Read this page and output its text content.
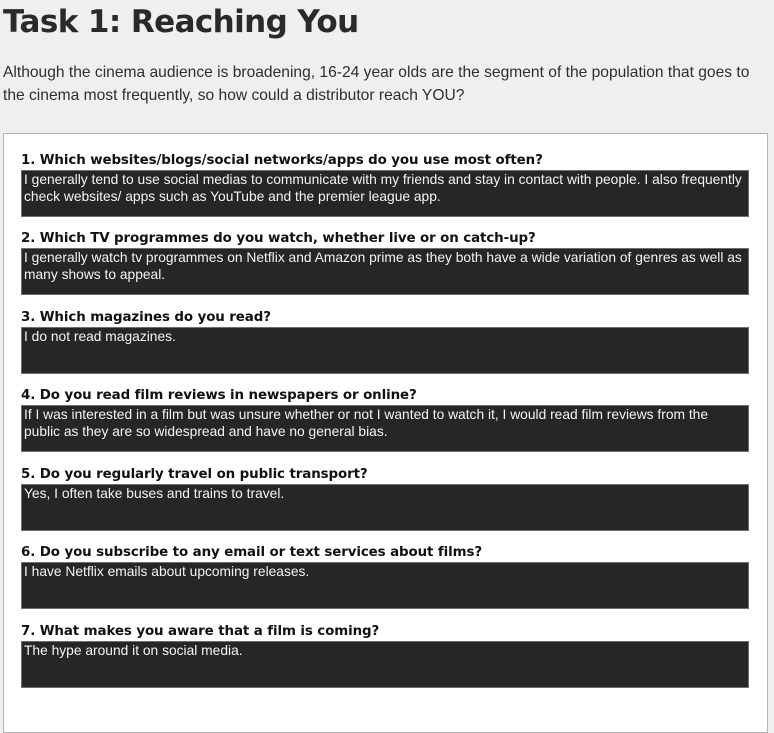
Task 1: Reaching You

Although the cinema audience is broadening, 16-24 year olds are the segment of the population that goes to the cinema most frequently, so how could a distributor reach YOU?

1. Which websites/blogs/social networks/apps do you use most often?
I generally tend to use social medias to communicate with my friends and stay in contact with people. I also frequently check websites/ apps such as YouTube and the premier league app.
2. Which TV programmes do you watch, whether live or on catch-up?
I generally watch tv programmes on Netflix and Amazon prime as they both have a wide variation of genres as well as many shows to appeal.
3. Which magazines do you read?
I do not read magazines.
4. Do you read film reviews in newspapers or online?
If I was interested in a film but was unsure whether or not I wanted to watch it, I would read film reviews from the public as they are so widespread and have no general bias.
5. Do you regularly travel on public transport?
Yes, I often take buses and trains to travel.
6. Do you subscribe to any email or text services about films?
I have Netflix emails about upcoming releases.
7. What makes you aware that a film is coming?
The hype around it on social media.
